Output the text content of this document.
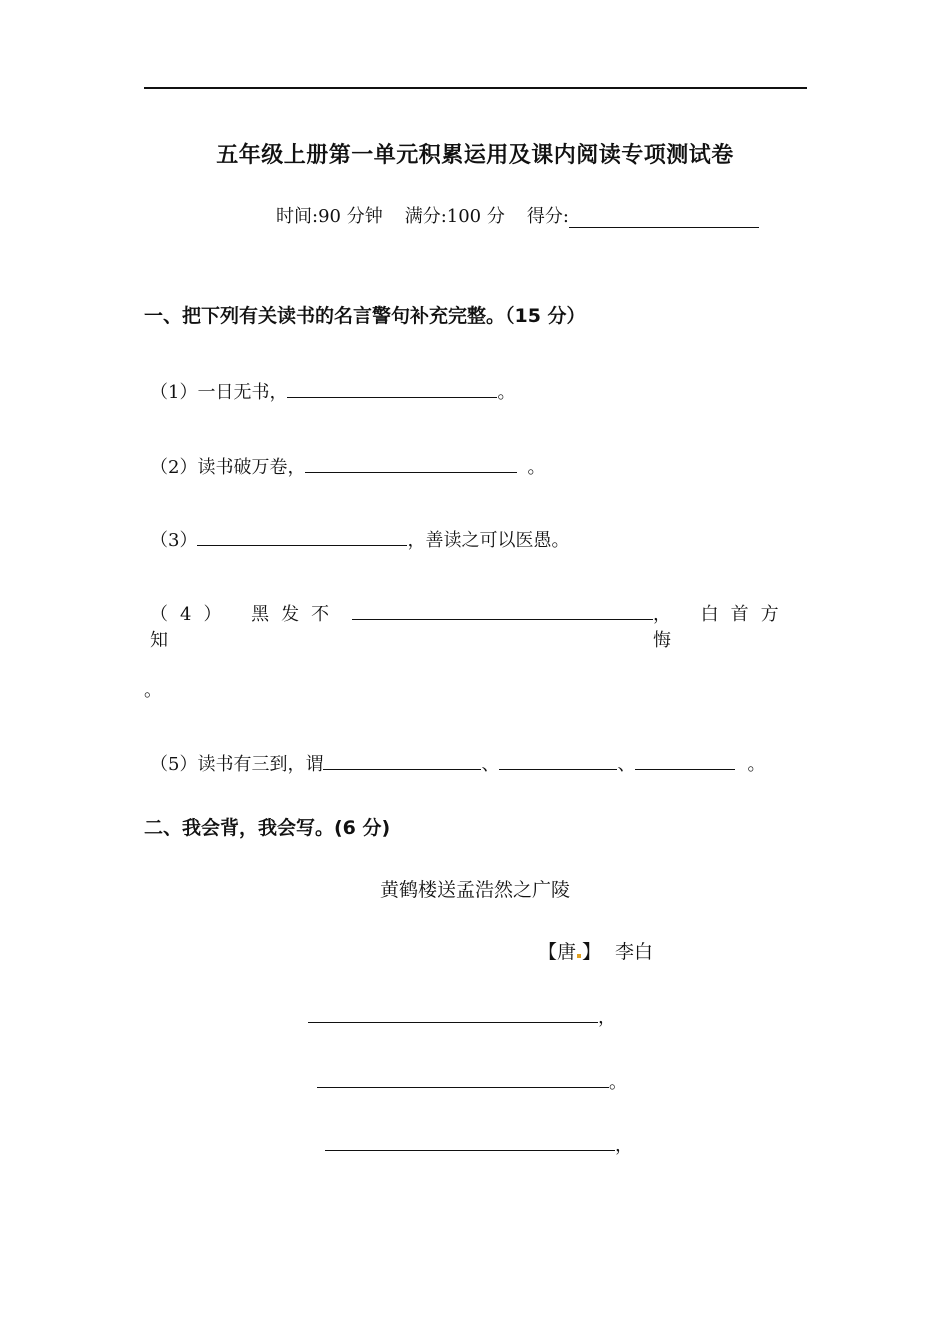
五年级上册第一单元积累运用及课内阅读专项测试卷
时间:90 分钟 满分:100 分 得分:
一、把下列有关读书的名言警句补充完整。（15 分）
（1）一日无书，	。
（2）读书破万卷，	。
（3）	，善读之可以医愚。
（4） 黑发不知
， 白首方悔
。
（5）读书有三到，谓	、	、	。
二、我会背，我会写。(6 分)
黄鹤楼送孟浩然之广陵
【唐 】 李白
，
。
，
